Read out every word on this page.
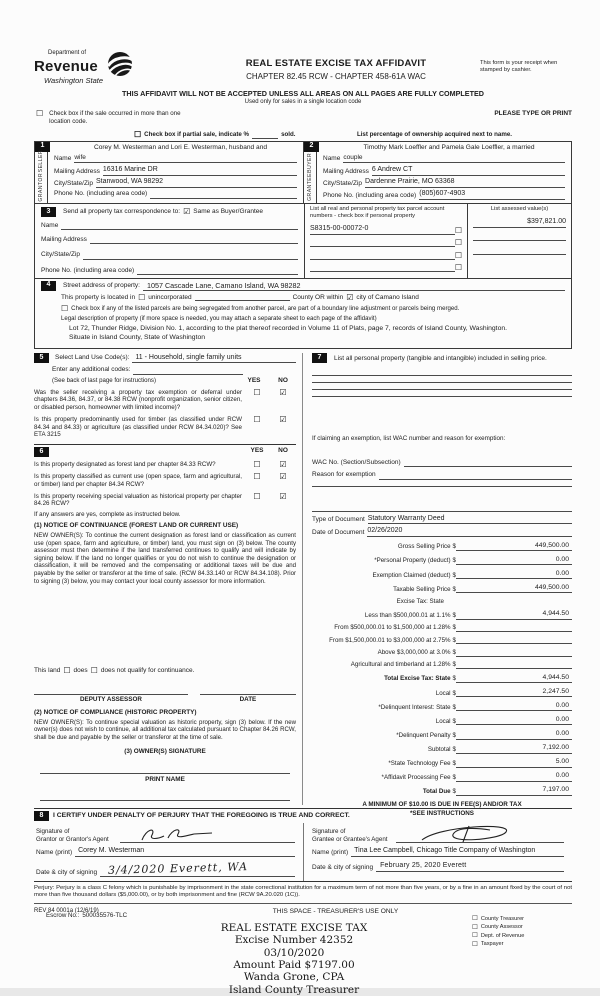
Department of
Revenue
Washington State
REAL ESTATE EXCISE TAX AFFIDAVIT
CHAPTER 82.45 RCW - CHAPTER 458-61A WAC
This form is your receipt when stamped by cashier.
THIS AFFIDAVIT WILL NOT BE ACCEPTED UNLESS ALL AREAS ON ALL PAGES ARE FULLY COMPLETED
Used only for sales in a single location code
☐ Check box if the sale occurred in more than one location code.
PLEASE TYPE OR PRINT
☐ Check box if partial sale, indicate %	sold.	List percentage of ownership acquired next to name.
1
SELLER
GRANTOR
Corey M. Westerman and Lori E. Westerman, husband and
Name wife
Mailing Address 16316 Marine DR
City/State/Zip Stanwood, WA 98292
Phone No. (including area code)
2
BUYER
GRANTEE
Timothy Mark Loeffler and Pamela Gale Loeffler, a married
Name couple
Mailing Address 6 Andrew CT
City/State/Zip Dardenne Prairie, MO 63368
Phone No. (including area code) (805)607-4903
3	Send all property tax correspondence to: ☑ Same as Buyer/Grantee
Name
Mailing Address
City/State/Zip
Phone No. (including area code)
List all real and personal property tax parcel account numbers - check box if personal property
S8315-00-00072-0	☐
☐
☐
☐
List assessed value(s)
$397,821.00
4	Street address of property: 1057 Cascade Lane, Camano Island, WA 98282
This property is located in ☐ unincorporated	County OR within ☑ city of Camano Island
☐ Check box if any of the listed parcels are being segregated from another parcel, are part of a boundary line adjustment or parcels being merged.
Legal description of property (if more space is needed, you may attach a separate sheet to each page of the affidavit)
Lot 72, Thunder Ridge, Division No. 1, according to the plat thereof recorded in Volume 11 of Plats, page 7, records of Island County, Washington.
Situate in Island County, State of Washington
5	Select Land Use Code(s): 11 - Household, single family units
Enter any additional codes:
(See back of last page for instructions)	YES	NO
Was the seller receiving a property tax exemption or deferral under chapters 84.36, 84.37, or 84.38 RCW (nonprofit organization, senior citizen, or disabled person, homeowner with limited income)?
☐	☑
Is this property predominantly used for timber (as classified under RCW 84.34 and 84.33) or agriculture (as classified under RCW 84.34.020)? See ETA 3215
☐	☑
6	YES	NO
Is this property designated as forest land per chapter 84.33 RCW?	☐	☑
Is this property classified as current use (open space, farm and agricultural, or timber) land per chapter 84.34 RCW?
☐	☑
Is this property receiving special valuation as historical property per chapter 84.26 RCW?
☐	☑
If any answers are yes, complete as instructed below.
(1) NOTICE OF CONTINUANCE (FOREST LAND OR CURRENT USE)
NEW OWNER(S): To continue the current designation as forest land or classification as current use (open space, farm and agriculture, or timber) land, you must sign on (3) below. The county assessor must then determine if the land transferred continues to qualify and will indicate by signing below. If the land no longer qualifies or you do not wish to continue the designation or classification, it will be removed and the compensating or additional taxes will be due and payable by the seller or transferor at the time of sale. (RCW 84.33.140 or RCW 84.34.108). Prior to signing (3) below, you may contact your local county assessor for more information.
This land ☐ does ☐ does not qualify for continuance.
DEPUTY ASSESSOR	DATE
(2) NOTICE OF COMPLIANCE (HISTORIC PROPERTY)
NEW OWNER(S): To continue special valuation as historic property, sign (3) below. If the new owner(s) does not wish to continue, all additional tax calculated pursuant to Chapter 84.26 RCW, shall be due and payable by the seller or transferor at the time of sale.
(3) OWNER(S) SIGNATURE
PRINT NAME
7	List all personal property (tangible and intangible) included in selling price.
If claiming an exemption, list WAC number and reason for exemption:
WAC No. (Section/Subsection)
Reason for exemption
Type of Document Statutory Warranty Deed
Date of Document 02/26/2020
Gross Selling Price $	449,500.00
*Personal Property (deduct) $	0.00
Exemption Claimed (deduct) $	0.00
Taxable Selling Price $	449,500.00
Excise Tax: State
Less than $500,000.01 at 1.1% $	4,944.50
From $500,000.01 to $1,500,000 at 1.28% $
From $1,500,000.01 to $3,000,000 at 2.75% $
Above $3,000,000 at 3.0% $
Agricultural and timberland at 1.28% $
Total Excise Tax: State $	4,944.50
Local $	2,247.50
*Delinquent Interest: State $	0.00
Local $	0.00
*Delinquent Penalty $	0.00
Subtotal $	7,192.00
*State Technology Fee $	5.00
*Affidavit Processing Fee $	0.00
Total Due $	7,197.00
A MINIMUM OF $10.00 IS DUE IN FEE(S) AND/OR TAX
*SEE INSTRUCTIONS
8	I CERTIFY UNDER PENALTY OF PERJURY THAT THE FOREGOING IS TRUE AND CORRECT.
Signature of
Grantor or Grantor's Agent
Name (print) Corey M. Westerman
Date & city of signing 3/4/2020 Everett, WA
Signature of
Grantee or Grantee's Agent
Name (print) Tina Lee Campbell, Chicago Title Company of Washington
Date & city of signing	February 25, 2020 Everett
Perjury: Perjury is a class C felony which is punishable by imprisonment in the state correctional institution for a maximum term of not more than five years, or by a fine in an amount fixed by the court of not more than five thousand dollars ($5,000.00), or by both imprisonment and fine (RCW 9A.20.020 (1C)).
REV 84 0001a (12/6/19)	THIS SPACE - TREASURER'S USE ONLY
☐ County Treasurer
☐ County Assessor
☐ Dept. of Revenue
☐ Taxpayer
Escrow No.: 500035576-TLC
REAL ESTATE EXCISE TAX
Excise Number 42352
03/10/2020
Amount Paid $7197.00
Wanda Grone, CPA
Island County Treasurer
